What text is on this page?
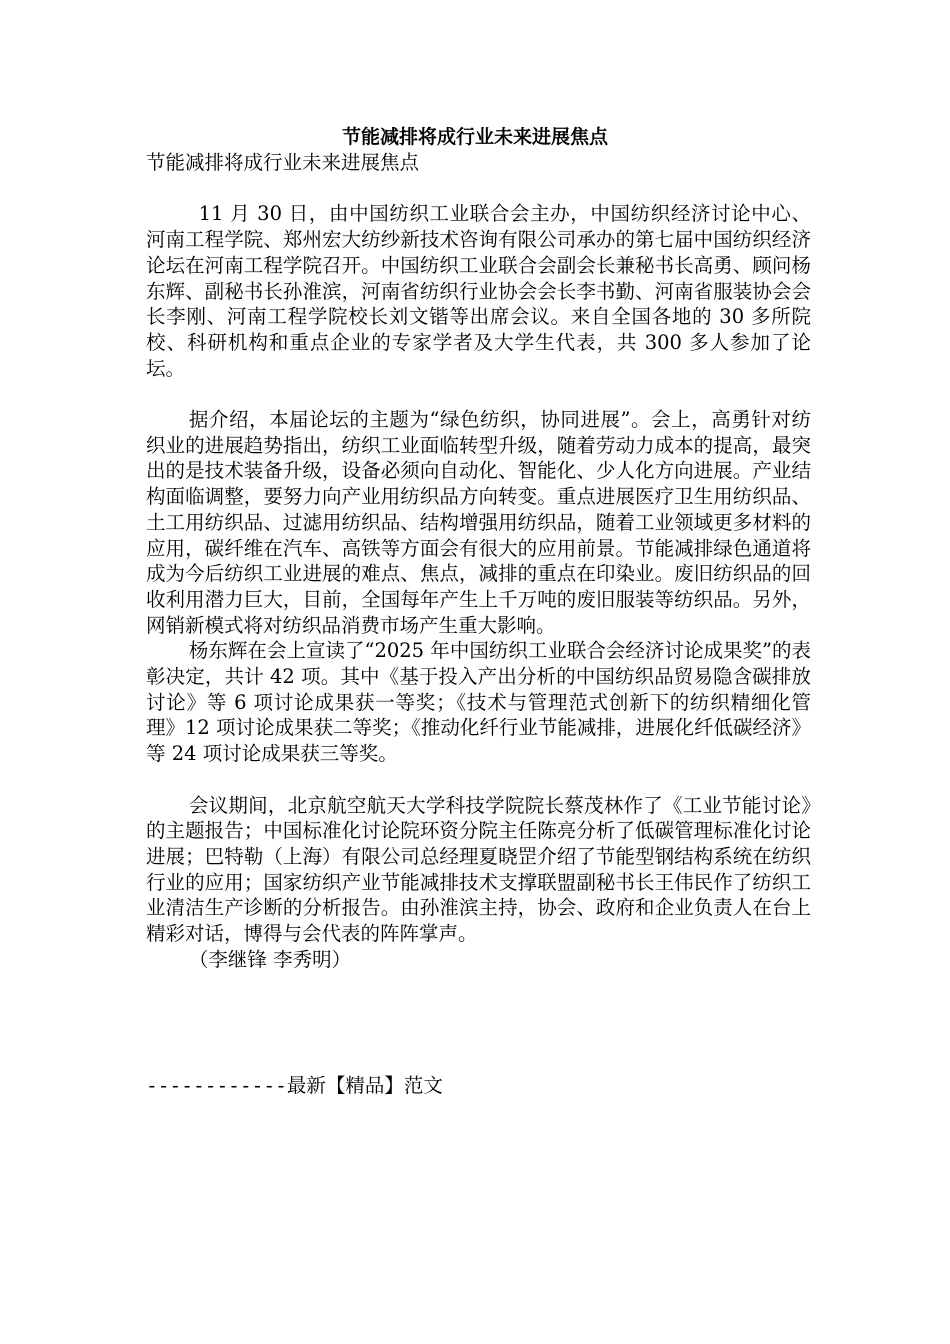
节能减排将成行业未来进展焦点

节能减排将成行业未来进展焦点

11 月 30 日，由中国纺织工业联合会主办，中国纺织经济讨论中心、河南工程学院、郑州宏大纺纱新技术咨询有限公司承办的第七届中国纺织经济论坛在河南工程学院召开。中国纺织工业联合会副会长兼秘书长高勇、顾问杨东辉、副秘书长孙淮滨，河南省纺织行业协会会长李书勤、河南省服装协会会长李刚、河南工程学院校长刘文锴等出席会议。来自全国各地的 30 多所院校、科研机构和重点企业的专家学者及大学生代表，共 300 多人参加了论坛。

据介绍，本届论坛的主题为“绿色纺织，协同进展”。会上，高勇针对纺织业的进展趋势指出，纺织工业面临转型升级，随着劳动力成本的提高，最突出的是技术装备升级，设备必须向自动化、智能化、少人化方向进展。产业结构面临调整，要努力向产业用纺织品方向转变。重点进展医疗卫生用纺织品、土工用纺织品、过滤用纺织品、结构增强用纺织品，随着工业领域更多材料的应用，碳纤维在汽车、高铁等方面会有很大的应用前景。节能减排绿色通道将成为今后纺织工业进展的难点、焦点，减排的重点在印染业。废旧纺织品的回收利用潜力巨大，目前，全国每年产生上千万吨的废旧服装等纺织品。另外，网销新模式将对纺织品消费市场产生重大影响。

杨东辉在会上宣读了“2025 年中国纺织工业联合会经济讨论成果奖”的表彰决定，共计 42 项。其中《基于投入产出分析的中国纺织品贸易隐含碳排放讨论》等 6 项讨论成果获一等奖；《技术与管理范式创新下的纺织精细化管理》12 项讨论成果获二等奖；《推动化纤行业节能减排，进展化纤低碳经济》等 24 项讨论成果获三等奖。

会议期间，北京航空航天大学科技学院院长蔡茂林作了《工业节能讨论》的主题报告；中国标准化讨论院环资分院主任陈亮分析了低碳管理标准化讨论进展；巴特勒（上海）有限公司总经理夏晓罡介绍了节能型钢结构系统在纺织行业的应用；国家纺织产业节能减排技术支撑联盟副秘书长王伟民作了纺织工业清洁生产诊断的分析报告。由孙淮滨主持，协会、政府和企业负责人在台上精彩对话，博得与会代表的阵阵掌声。

（李继锋 李秀明）

------------最新【精品】范文
